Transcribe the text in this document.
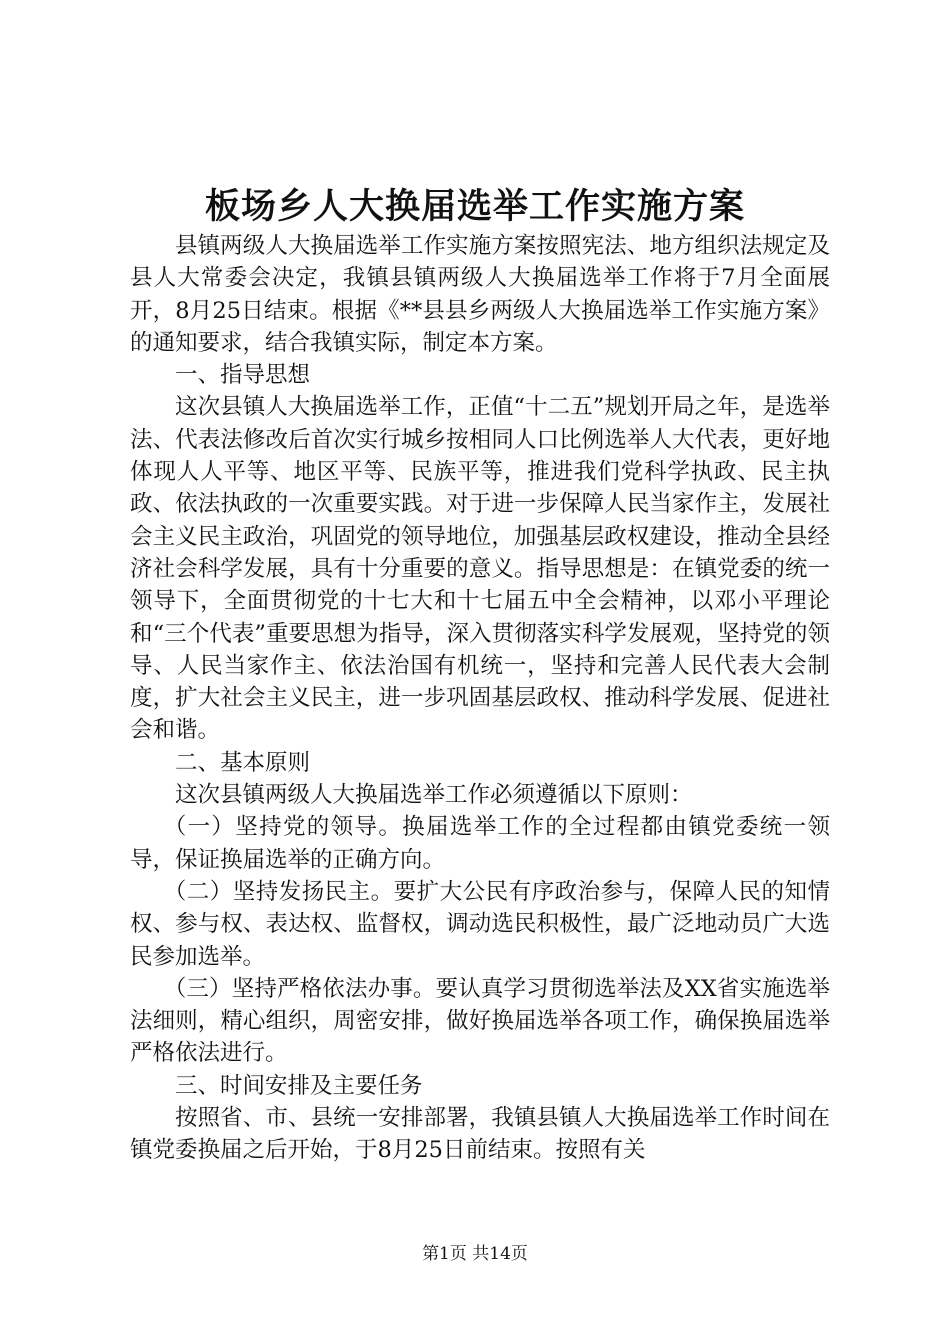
板场乡人大换届选举工作实施方案

县镇两级人大换届选举工作实施方案按照宪法、地方组织法规定及县人大常委会决定，我镇县镇两级人大换届选举工作将于7月全面展开，8月25日结束。根据《**县县乡两级人大换届选举工作实施方案》的通知要求，结合我镇实际，制定本方案。

一、指导思想

这次县镇人大换届选举工作，正值“十二五”规划开局之年，是选举法、代表法修改后首次实行城乡按相同人口比例选举人大代表，更好地体现人人平等、地区平等、民族平等，推进我们党科学执政、民主执政、依法执政的一次重要实践。对于进一步保障人民当家作主，发展社会主义民主政治，巩固党的领导地位，加强基层政权建设，推动全县经济社会科学发展，具有十分重要的意义。指导思想是：在镇党委的统一领导下，全面贯彻党的十七大和十七届五中全会精神，以邓小平理论和“三个代表”重要思想为指导，深入贯彻落实科学发展观，坚持党的领导、人民当家作主、依法治国有机统一，坚持和完善人民代表大会制度，扩大社会主义民主，进一步巩固基层政权、推动科学发展、促进社会和谐。

二、基本原则

这次县镇两级人大换届选举工作必须遵循以下原则：

（一）坚持党的领导。换届选举工作的全过程都由镇党委统一领导，保证换届选举的正确方向。

（二）坚持发扬民主。要扩大公民有序政治参与，保障人民的知情权、参与权、表达权、监督权，调动选民积极性，最广泛地动员广大选民参加选举。

（三）坚持严格依法办事。要认真学习贯彻选举法及XX省实施选举法细则，精心组织，周密安排，做好换届选举各项工作，确保换届选举严格依法进行。

三、时间安排及主要任务

按照省、市、县统一安排部署，我镇县镇人大换届选举工作时间在镇党委换届之后开始，于8月25日前结束。按照有关

第1页 共14页
